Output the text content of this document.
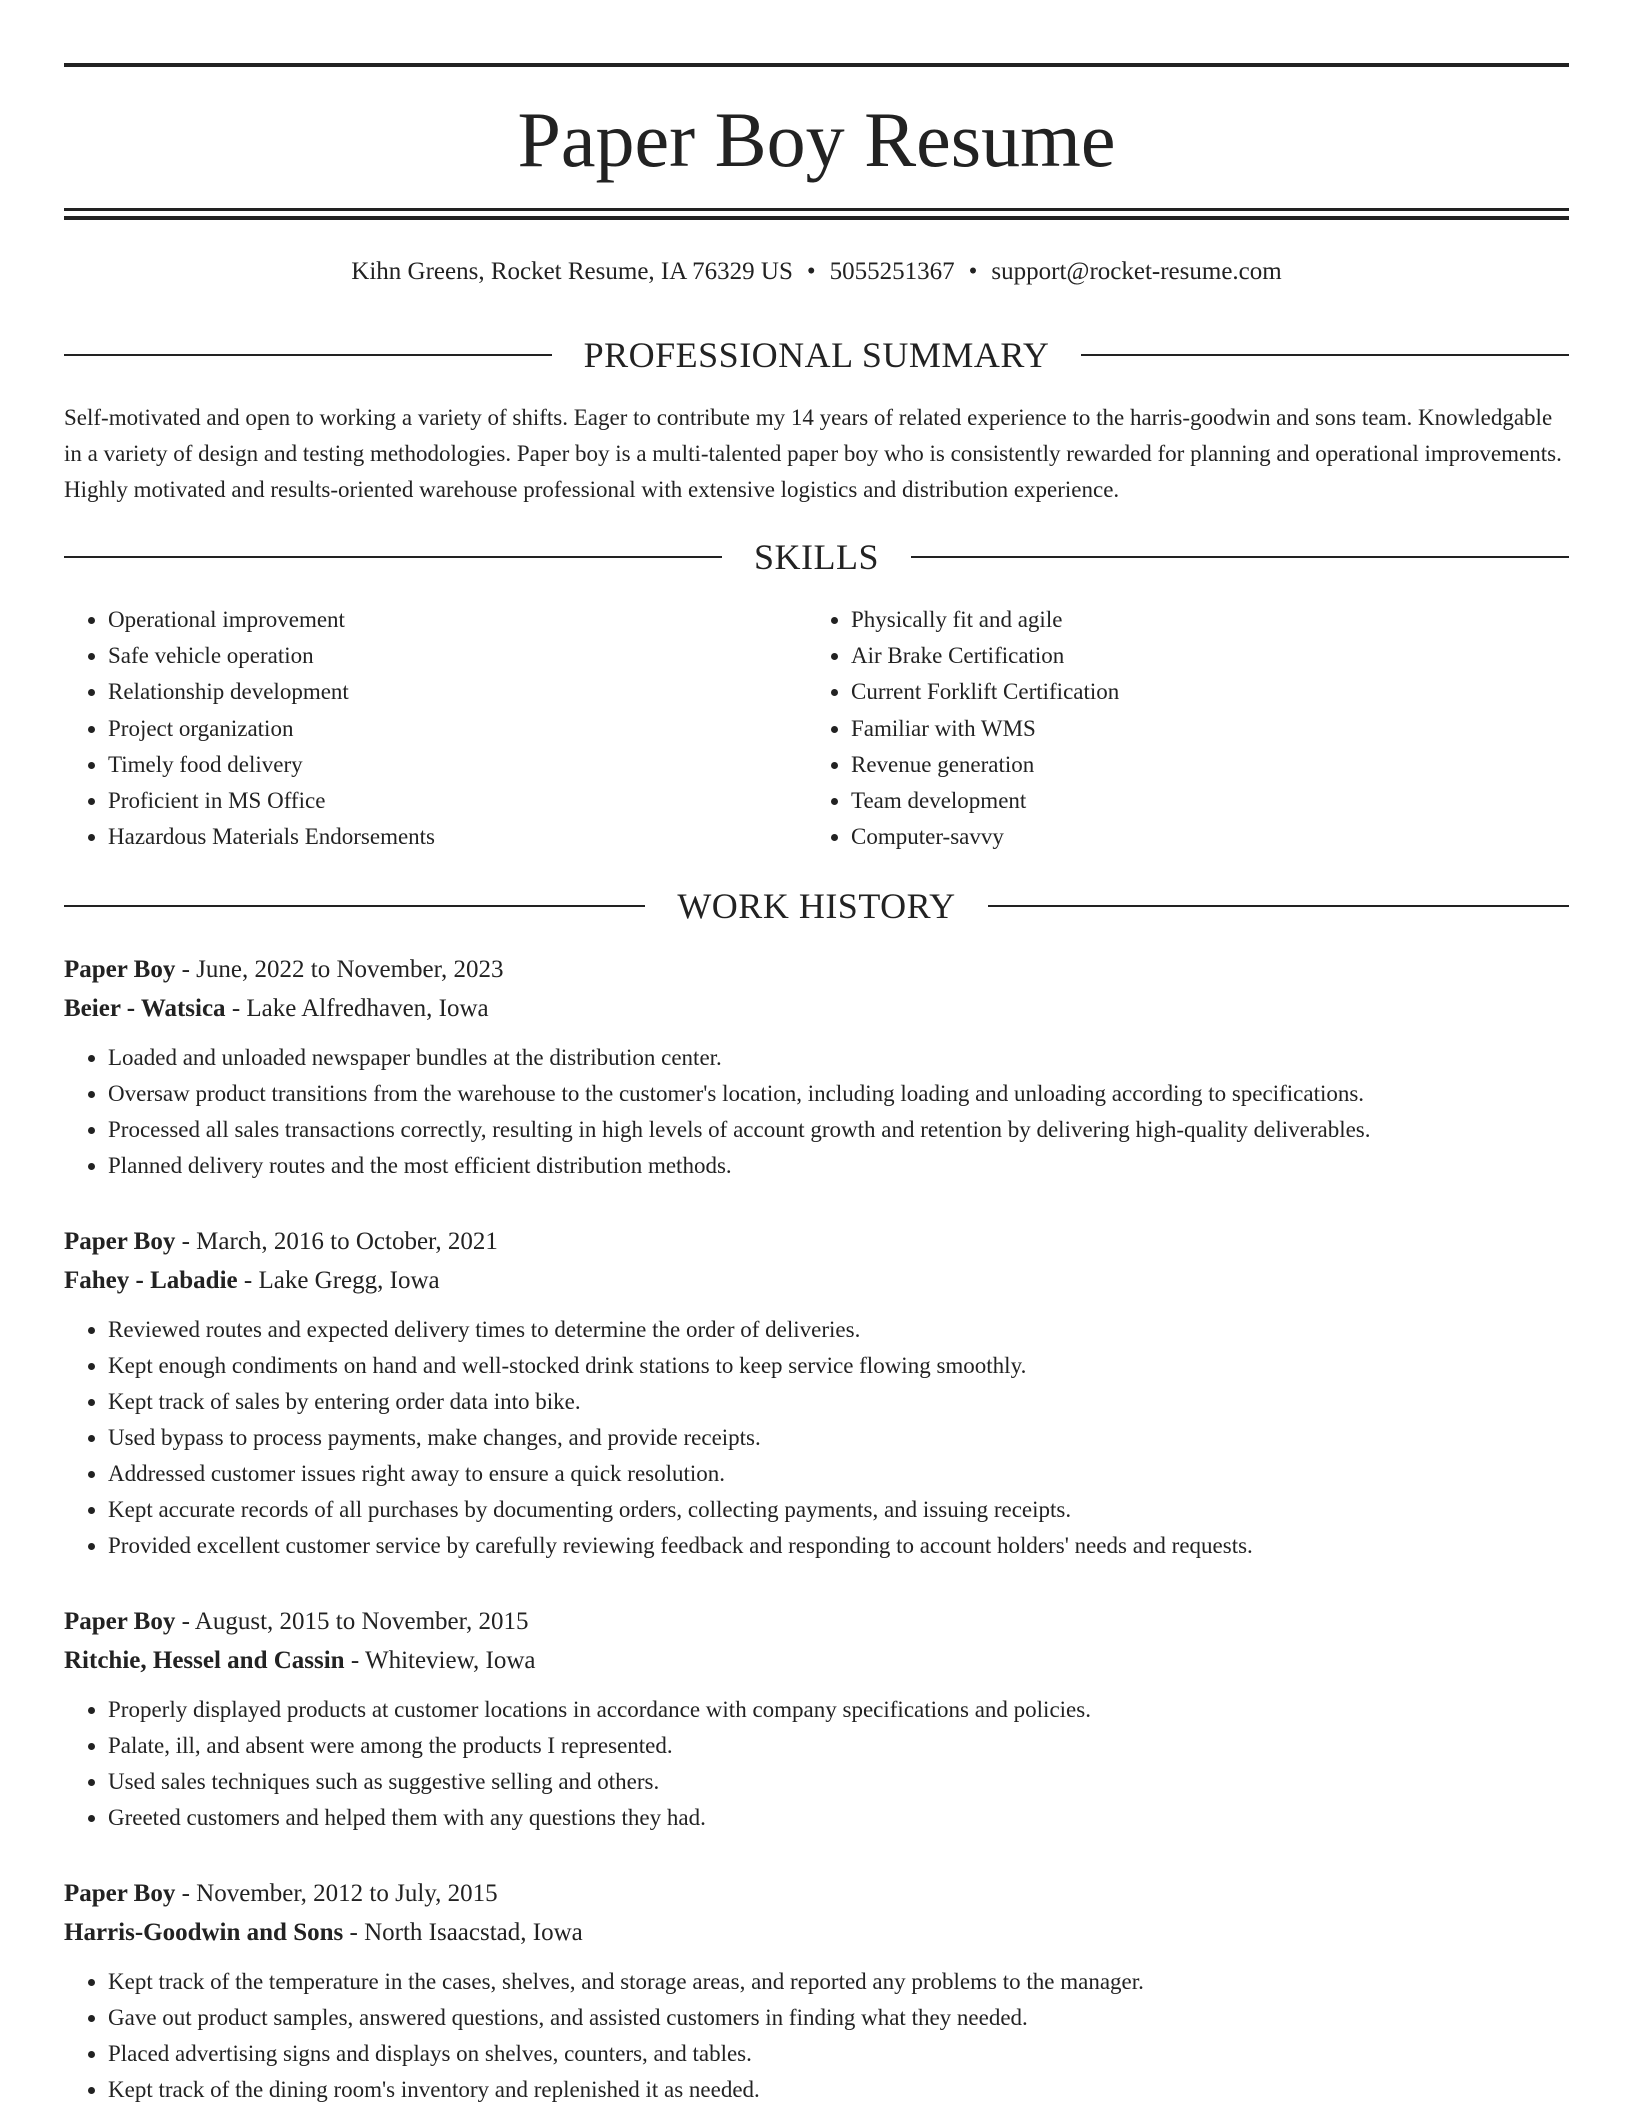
Paper Boy Resume
Kihn Greens, Rocket Resume, IA 76329 US • 5055251367 • support@rocket-resume.com
PROFESSIONAL SUMMARY

Self-motivated and open to working a variety of shifts. Eager to contribute my 14 years of related experience to the harris-goodwin and sons team. Knowledgable in a variety of design and testing methodologies. Paper boy is a multi-talented paper boy who is consistently rewarded for planning and operational improvements. Highly motivated and results-oriented warehouse professional with extensive logistics and distribution experience.

SKILLS
• Operational improvement
• Safe vehicle operation
• Relationship development
• Project organization
• Timely food delivery
• Proficient in MS Office
• Hazardous Materials Endorsements
• Physically fit and agile
• Air Brake Certification
• Current Forklift Certification
• Familiar with WMS
• Revenue generation
• Team development
• Computer-savvy
WORK HISTORY
Paper Boy - June, 2022 to November, 2023
Beier - Watsica - Lake Alfredhaven, Iowa
• Loaded and unloaded newspaper bundles at the distribution center.
• Oversaw product transitions from the warehouse to the customer's location, including loading and unloading according to specifications.
• Processed all sales transactions correctly, resulting in high levels of account growth and retention by delivering high-quality deliverables.
• Planned delivery routes and the most efficient distribution methods.
Paper Boy - March, 2016 to October, 2021
Fahey - Labadie - Lake Gregg, Iowa
• Reviewed routes and expected delivery times to determine the order of deliveries.
• Kept enough condiments on hand and well-stocked drink stations to keep service flowing smoothly.
• Kept track of sales by entering order data into bike.
• Used bypass to process payments, make changes, and provide receipts.
• Addressed customer issues right away to ensure a quick resolution.
• Kept accurate records of all purchases by documenting orders, collecting payments, and issuing receipts.
• Provided excellent customer service by carefully reviewing feedback and responding to account holders' needs and requests.
Paper Boy - August, 2015 to November, 2015
Ritchie, Hessel and Cassin - Whiteview, Iowa
• Properly displayed products at customer locations in accordance with company specifications and policies.
• Palate, ill, and absent were among the products I represented.
• Used sales techniques such as suggestive selling and others.
• Greeted customers and helped them with any questions they had.
Paper Boy - November, 2012 to July, 2015
Harris-Goodwin and Sons - North Isaacstad, Iowa
• Kept track of the temperature in the cases, shelves, and storage areas, and reported any problems to the manager.
• Gave out product samples, answered questions, and assisted customers in finding what they needed.
• Placed advertising signs and displays on shelves, counters, and tables.
• Kept track of the dining room's inventory and replenished it as needed.
